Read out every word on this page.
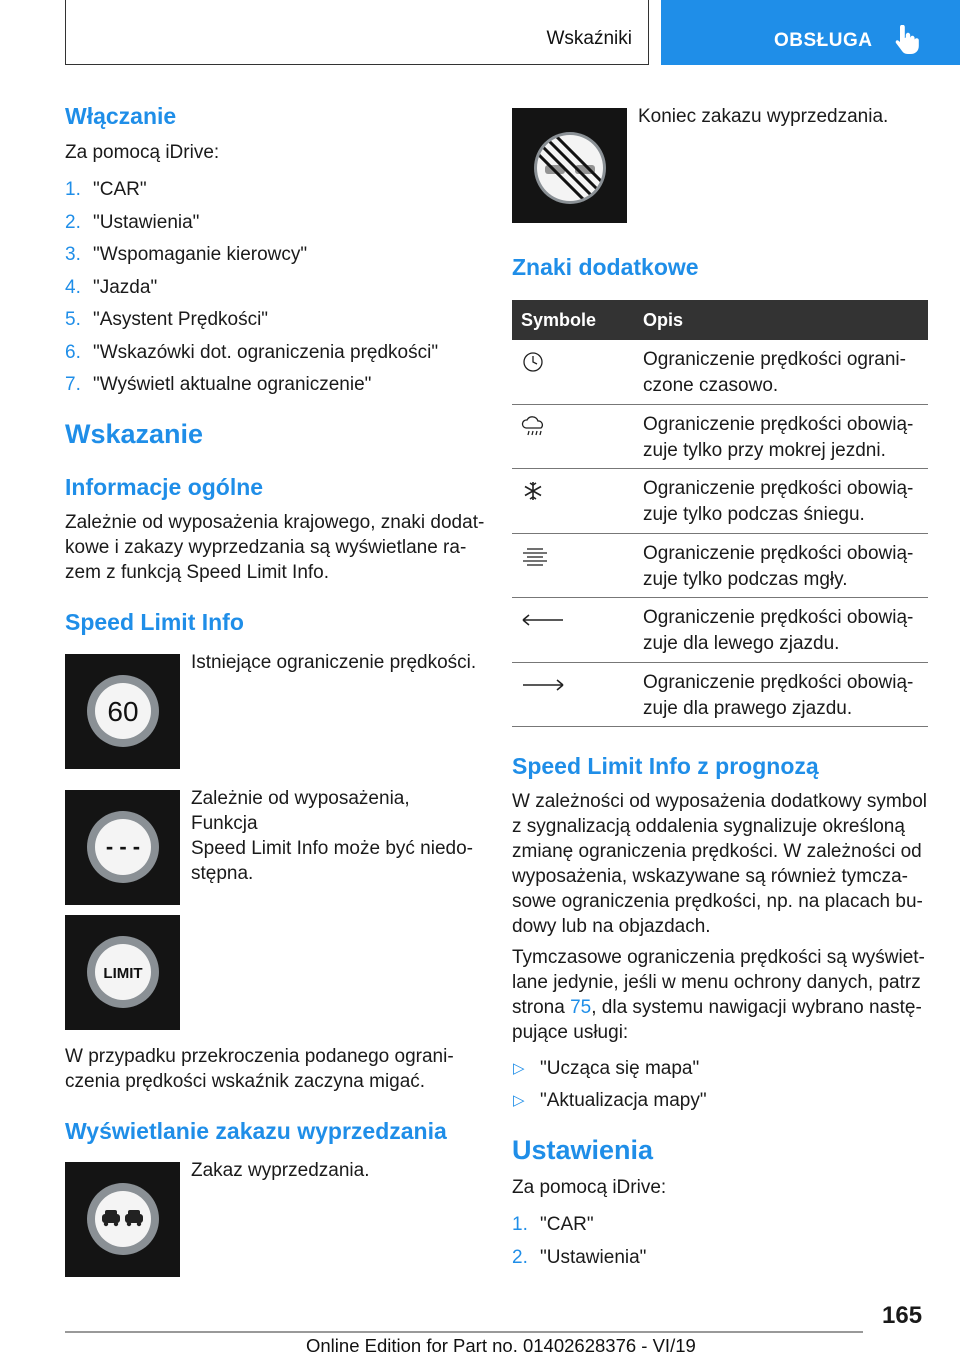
Wskaźniki	OBSŁUGA
Włączanie
Za pomocą iDrive:
1. "CAR"
2. "Ustawienia"
3. "Wspomaganie kierowcy"
4. "Jazda"
5. "Asystent Prędkości"
6. "Wskazówki dot. ograniczenia prędkości"
7. "Wyświetl aktualne ograniczenie"
Wskazanie
Informacje ogólne
Zależnie od wyposażenia krajowego, znaki dodat-
kowe i zakazy wyprzedzania są wyświetlane ra-
zem z funkcją Speed Limit Info.
Speed Limit Info
60
Istniejące ograniczenie prędkości.
- - -
Zależnie od wyposażenia, Funkcja
Speed Limit Info może być niedo-
stępna.
LIMIT
W przypadku przekroczenia podanego ograni-
czenia prędkości wskaźnik zaczyna migać.
Wyświetlanie zakazu wyprzedzania
Zakaz wyprzedzania.
Koniec zakazu wyprzedzania.
Znaki dodatkowe
Symbole	Opis
Ograniczenie prędkości ograni-
czone czasowo.
Ograniczenie prędkości obowią-
zuje tylko przy mokrej jezdni.
Ograniczenie prędkości obowią-
zuje tylko podczas śniegu.
Ograniczenie prędkości obowią-
zuje tylko podczas mgły.
Ograniczenie prędkości obowią-
zuje dla lewego zjazdu.
Ograniczenie prędkości obowią-
zuje dla prawego zjazdu.
Speed Limit Info z prognozą
W zależności od wyposażenia dodatkowy symbol
z sygnalizacją oddalenia sygnalizuje określoną
zmianę ograniczenia prędkości. W zależności od
wyposażenia, wskazywane są również tymcza-
sowe ograniczenia prędkości, np. na placach bu-
dowy lub na objazdach.
Tymczasowe ograniczenia prędkości są wyświet-
lane jedynie, jeśli w menu ochrony danych, patrz
strona 75, dla systemu nawigacji wybrano nastę-
pujące usługi:
▷ "Ucząca się mapa"
▷ "Aktualizacja mapy"
Ustawienia
Za pomocą iDrive:
1. "CAR"
2. "Ustawienia"
165
Online Edition for Part no. 01402628376 - VI/19
